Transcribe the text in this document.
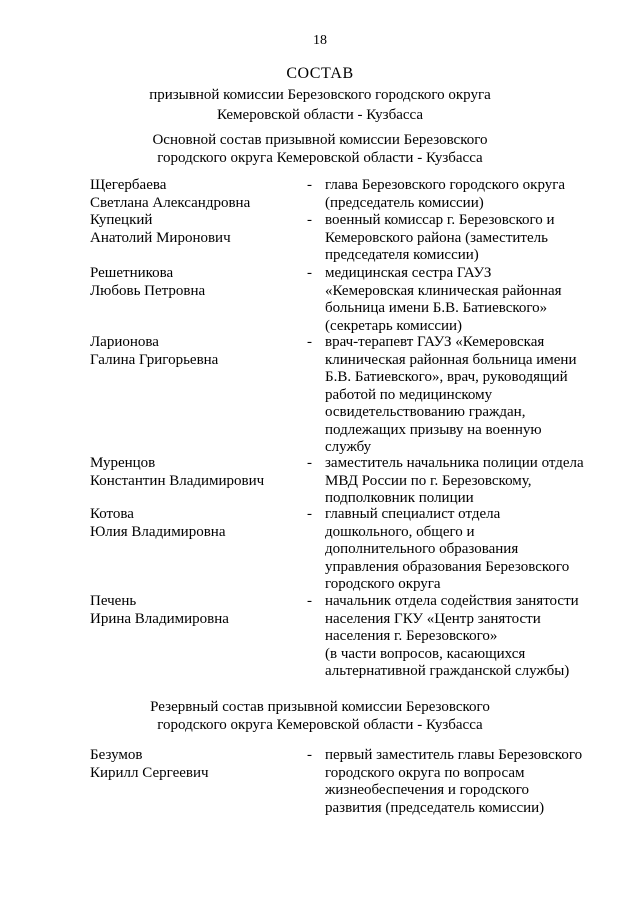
18
СОСТАВ
призывной комиссии Березовского городского округа
Кемеровской области - Кузбасса
Основной состав призывной комиссии Березовского
городского округа Кемеровской области - Кузбасса
Щегербаева
Светлана Александровна
- глава Березовского городского округа
(председатель комиссии)
Купецкий
Анатолий Миронович
- военный комиссар г. Березовского и
Кемеровского района (заместитель
председателя комиссии)
Решетникова
Любовь Петровна
- медицинская сестра ГАУЗ
«Кемеровская клиническая районная
больница имени Б.В. Батиевского»
(секретарь комиссии)
Ларионова
Галина Григорьевна
- врач-терапевт ГАУЗ «Кемеровская
клиническая районная больница имени
Б.В. Батиевского», врач, руководящий
работой по медицинскому
освидетельствованию граждан,
подлежащих призыву на военную
службу
Муренцов
Константин Владимирович
- заместитель начальника полиции отдела
МВД России по г. Березовскому,
подполковник полиции
Котова
Юлия Владимировна
- главный специалист отдела
дошкольного, общего и
дополнительного образования
управления образования Березовского
городского округа
Печень
Ирина Владимировна
- начальник отдела содействия занятости
населения ГКУ «Центр занятости
населения г. Березовского»
(в части вопросов, касающихся
альтернативной гражданской службы)
Резервный состав призывной комиссии Березовского
городского округа Кемеровской области - Кузбасса
Безумов
Кирилл Сергеевич
- первый заместитель главы Березовского
городского округа по вопросам
жизнеобеспечения и городского
развития (председатель комиссии)
